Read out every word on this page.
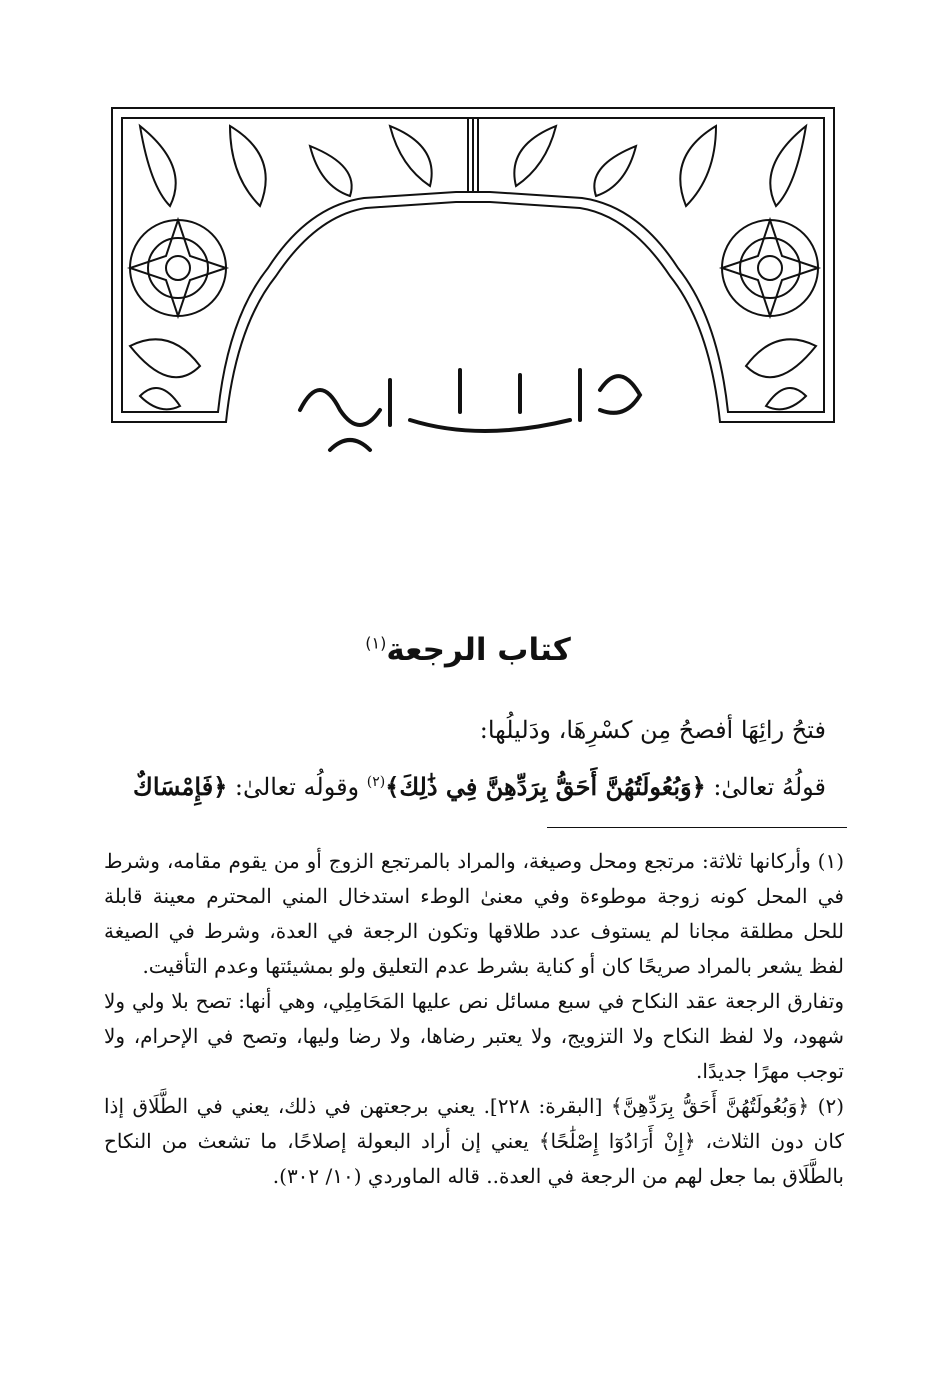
كتاب الرجعة$^{(١)}$

فتحُ رائِهَا أفصحُ مِن كسْرِهَا، ودَليلُها:

قولُهُ تعالىٰ: ﴿وَبُعُولَتُهُنَّ أَحَقُّ بِرَدِّهِنَّ فِي ذَٰلِكَ﴾$^{(٢)}$ وقولُه تعالىٰ: ﴿فَإِمْسَاكٌ

(١) وأركانها ثلاثة: مرتجع ومحل وصيغة، والمراد بالمرتجع الزوج أو من يقوم مقامه، وشرط في المحل كونه زوجة موطوءة وفي معنىٰ الوطء استدخال المني المحترم معينة قابلة للحل مطلقة مجانا لم يستوف عدد طلاقها وتكون الرجعة في العدة، وشرط في الصيغة لفظ يشعر بالمراد صريحًا كان أو كناية بشرط عدم التعليق ولو بمشيئتها وعدم التأقيت.

وتفارق الرجعة عقد النكاح في سبع مسائل نص عليها المَحَامِلِي، وهي أنها: تصح بلا ولي ولا شهود، ولا لفظ النكاح ولا التزويج، ولا يعتبر رضاها، ولا رضا وليها، وتصح في الإحرام، ولا توجب مهرًا جديدًا.

(٢) ﴿وَبُعُولَتُهُنَّ أَحَقُّ بِرَدِّهِنَّ﴾ [البقرة: ٢٢٨]. يعني برجعتهن في ذلك، يعني في الطَّلَاق إذا كان دون الثلاث، ﴿إِنْ أَرَادُوٓا إِصْلَٰحًا﴾ يعني إن أراد البعولة إصلاحًا، ما تشعث من النكاح بالطَّلَاق بما جعل لهم من الرجعة في العدة.. قاله الماوردي (١٠/ ٣٠٢).
